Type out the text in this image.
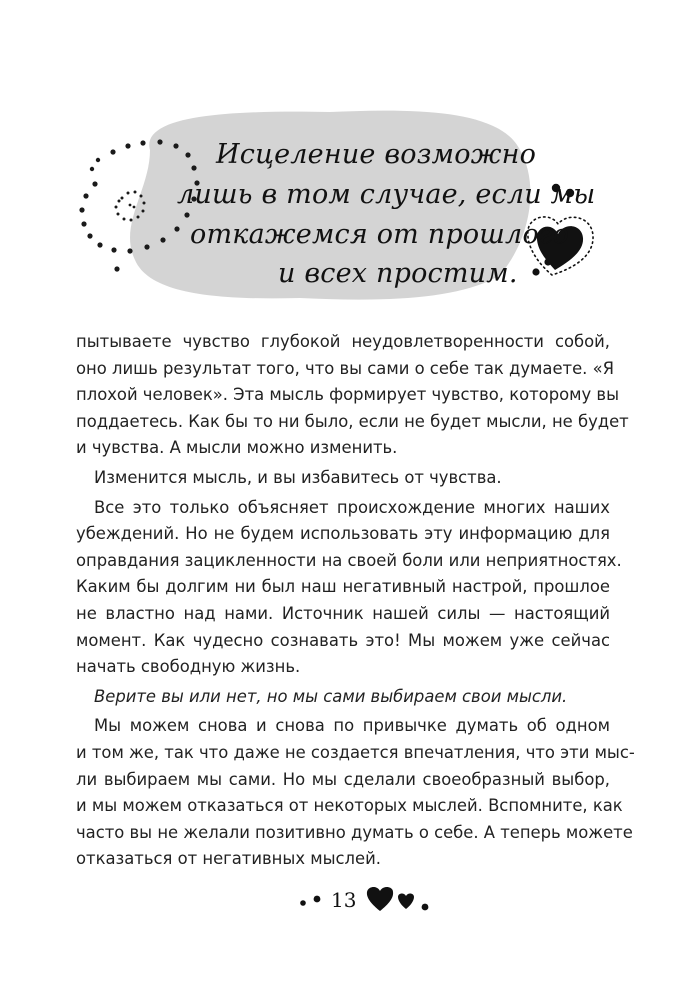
Исцеление возможно
лишь в том случае, если мы
откажемся от прошлого
и всех простим.
пытываете чувство глубокой неудовлетворенности собой,
оно лишь результат того, что вы сами о себе так думаете. «Я
плохой человек». Эта мысль формирует чувство, которому вы
поддаетесь. Как бы то ни было, если не будет мысли, не будет
и чувства. А мысли можно изменить.
Изменится мысль, и вы избавитесь от чувства.
Все это только объясняет происхождение многих наших
убеждений. Но не будем использовать эту информацию для
оправдания зацикленности на своей боли или неприятностях.
Каким бы долгим ни был наш негативный настрой, прошлое
не властно над нами. Источник нашей силы — настоящий
момент. Как чудесно сознавать это! Мы можем уже сейчас
начать свободную жизнь.
Верите вы или нет, но мы сами выбираем свои мысли.
Мы можем снова и снова по привычке думать об одном
и том же, так что даже не создается впечатления, что эти мыс-
ли выбираем мы сами. Но мы сделали своеобразный выбор,
и мы можем отказаться от некоторых мыслей. Вспомните, как
часто вы не желали позитивно думать о себе. А теперь можете
отказаться от негативных мыслей.
13
